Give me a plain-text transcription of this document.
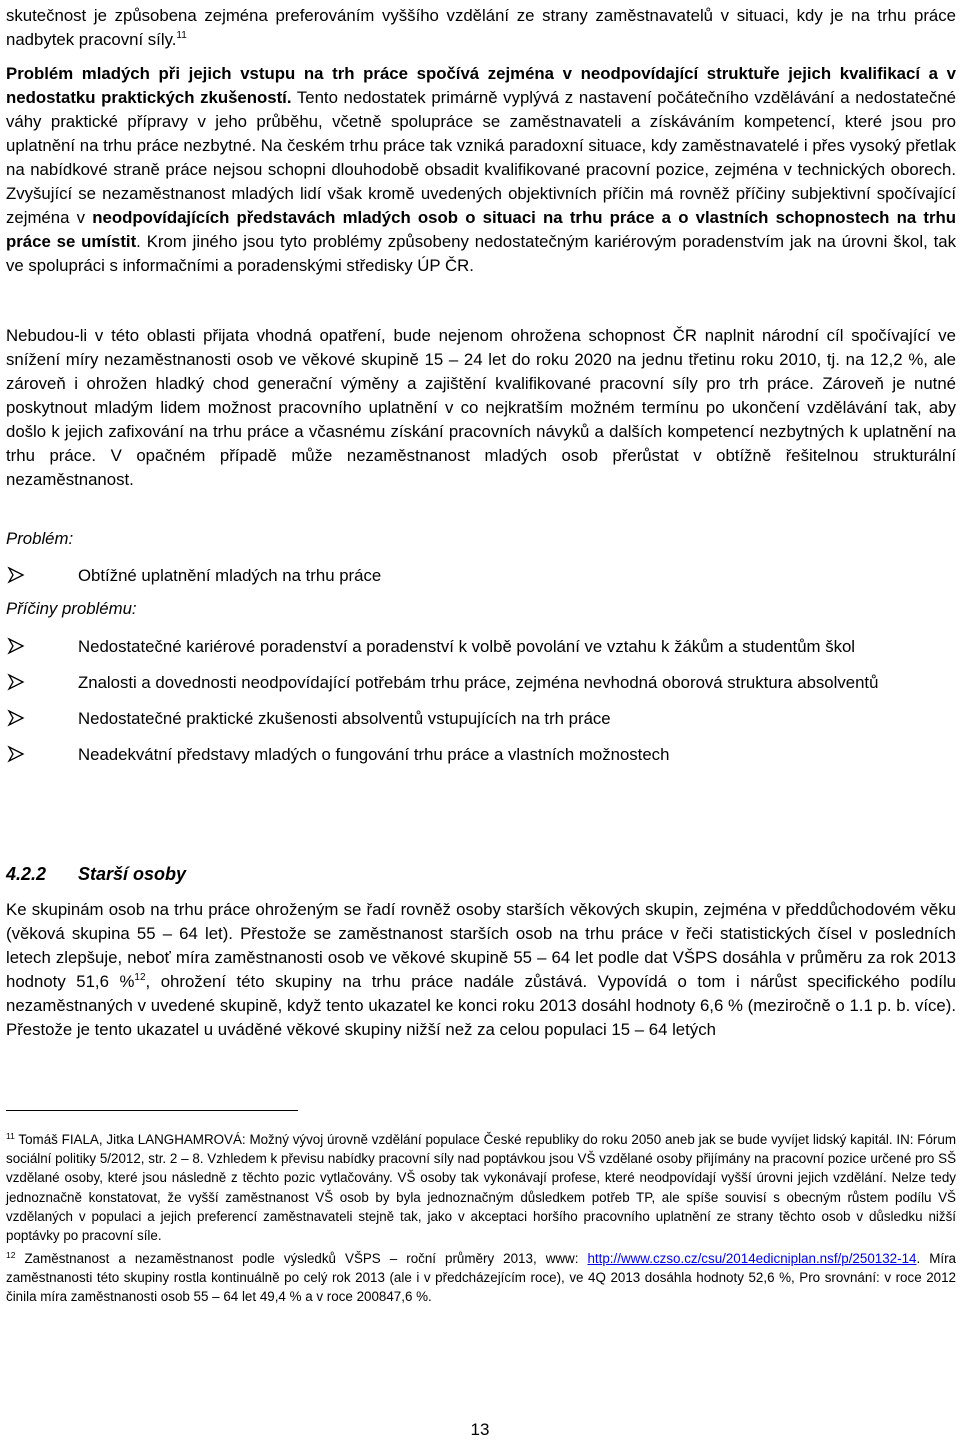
skutečnost je způsobena zejména preferováním vyššího vzdělání ze strany zaměstnavatelů v situaci, kdy je na trhu práce nadbytek pracovní síly.$^{11}$

Problém mladých při jejich vstupu na trh práce spočívá zejména v neodpovídající struktuře jejich kvalifikací a v nedostatku praktických zkušeností. Tento nedostatek primárně vyplývá z nastavení počátečního vzdělávání a nedostatečné váhy praktické přípravy v jeho průběhu, včetně spolupráce se zaměstnavateli a získáváním kompetencí, které jsou pro uplatnění na trhu práce nezbytné. Na českém trhu práce tak vzniká paradoxní situace, kdy zaměstnavatelé i přes vysoký přetlak na nabídkové straně práce nejsou schopni dlouhodobě obsadit kvalifikované pracovní pozice, zejména v technických oborech. Zvyšující se nezaměstnanost mladých lidí však kromě uvedených objektivních příčin má rovněž příčiny subjektivní spočívající zejména v neodpovídajících představách mladých osob o situaci na trhu práce a o vlastních schopnostech na trhu práce se umístit. Krom jiného jsou tyto problémy způsobeny nedostatečným kariérovým poradenstvím jak na úrovni škol, tak ve spolupráci s informačními a poradenskými středisky ÚP ČR.

Nebudou-li v této oblasti přijata vhodná opatření, bude nejenom ohrožena schopnost ČR naplnit národní cíl spočívající ve snížení míry nezaměstnanosti osob ve věkové skupině 15 – 24 let do roku 2020 na jednu třetinu roku 2010, tj. na 12,2 %, ale zároveň i ohrožen hladký chod generační výměny a zajištění kvalifikované pracovní síly pro trh práce. Zároveň je nutné poskytnout mladým lidem možnost pracovního uplatnění v co nejkratším možném termínu po ukončení vzdělávání tak, aby došlo k jejich zafixování na trhu práce a včasnému získání pracovních návyků a dalších kompetencí nezbytných k uplatnění na trhu práce. V opačném případě může nezaměstnanost mladých osob přerůstat v obtížně řešitelnou strukturální nezaměstnanost.

Problém:

Obtížné uplatnění mladých na trhu práce

Příčiny problému:

Nedostatečné kariérové poradenství a poradenství k volbě povolání ve vztahu k žákům a studentům škol
Znalosti a dovednosti neodpovídající potřebám trhu práce, zejména nevhodná oborová struktura absolventů
Nedostatečné praktické zkušenosti absolventů vstupujících na trh práce
Neadekvátní představy mladých o fungování trhu práce a vlastních možnostech
4.2.2	Starší osoby

Ke skupinám osob na trhu práce ohroženým se řadí rovněž osoby starších věkových skupin, zejména v předdůchodovém věku (věková skupina 55 – 64 let). Přestože se zaměstnanost starších osob na trhu práce v řeči statistických čísel v posledních letech zlepšuje, neboť míra zaměstnanosti osob ve věkové skupině 55 – 64 let podle dat VŠPS dosáhla v průměru za rok 2013 hodnoty 51,6 %$^{12}$, ohrožení této skupiny na trhu práce nadále zůstává. Vypovídá o tom i nárůst specifického podílu nezaměstnaných v uvedené skupině, když tento ukazatel ke konci roku 2013 dosáhl hodnoty 6,6 % (meziročně o 1.1 p. b. více). Přestože je tento ukazatel u uváděné věkové skupiny nižší než za celou populaci 15 – 64 letých

$^{11}$ Tomáš FIALA, Jitka LANGHAMROVÁ: Možný vývoj úrovně vzdělání populace České republiky do roku 2050 aneb jak se bude vyvíjet lidský kapitál. IN: Fórum sociální politiky 5/2012, str. 2 – 8. Vzhledem k převisu nabídky pracovní síly nad poptávkou jsou VŠ vzdělané osoby přijímány na pracovní pozice určené pro SŠ vzdělané osoby, které jsou následně z těchto pozic vytlačovány. VŠ osoby tak vykonávají profese, které neodpovídají vyšší úrovni jejich vzdělání. Nelze tedy jednoznačně konstatovat, že vyšší zaměstnanost VŠ osob by byla jednoznačným důsledkem potřeb TP, ale spíše souvisí s obecným růstem podílu VŠ vzdělaných v populaci a jejich preferencí zaměstnavateli stejně tak, jako v akceptaci horšího pracovního uplatnění ze strany těchto osob v důsledku nižší poptávky po pracovní síle.

$^{12}$ Zaměstnanost a nezaměstnanost podle výsledků VŠPS – roční průměry 2013, www: http://www.czso.cz/csu/2014edicniplan.nsf/p/250132-14. Míra zaměstnanosti této skupiny rostla kontinuálně po celý rok 2013 (ale i v předcházejícím roce), ve 4Q 2013 dosáhla hodnoty 52,6 %, Pro srovnání: v roce 2012 činila míra zaměstnanosti osob 55 – 64 let 49,4 % a v roce 200847,6 %.

13
